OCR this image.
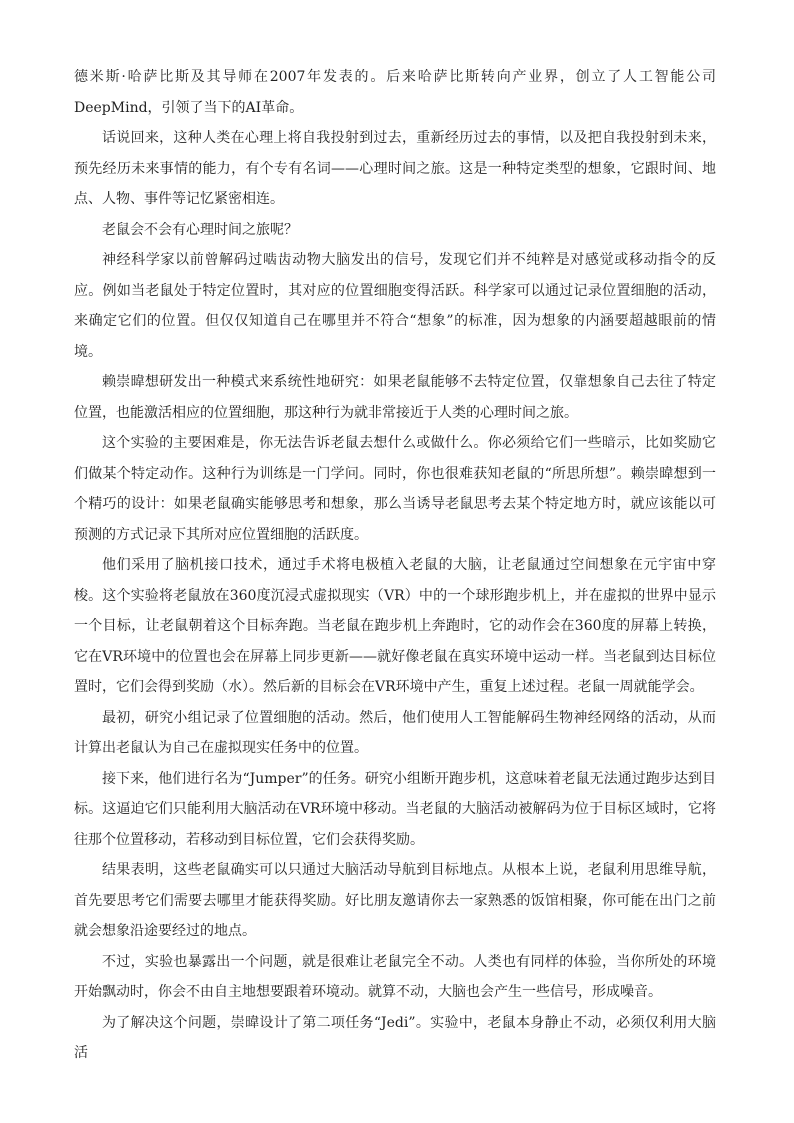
德米斯·哈萨比斯及其导师在2007年发表的。后来哈萨比斯转向产业界，创立了人工智能公司DeepMind，引领了当下的AI革命。

话说回来，这种人类在心理上将自我投射到过去，重新经历过去的事情，以及把自我投射到未来，预先经历未来事情的能力，有个专有名词——心理时间之旅。这是一种特定类型的想象，它跟时间、地点、人物、事件等记忆紧密相连。

老鼠会不会有心理时间之旅呢？

神经科学家以前曾解码过啮齿动物大脑发出的信号，发现它们并不纯粹是对感觉或移动指令的反应。例如当老鼠处于特定位置时，其对应的位置细胞变得活跃。科学家可以通过记录位置细胞的活动，来确定它们的位置。但仅仅知道自己在哪里并不符合“想象”的标准，因为想象的内涵要超越眼前的情境。

赖崇暐想研发出一种模式来系统性地研究：如果老鼠能够不去特定位置，仅靠想象自己去往了特定位置，也能激活相应的位置细胞，那这种行为就非常接近于人类的心理时间之旅。

这个实验的主要困难是，你无法告诉老鼠去想什么或做什么。你必须给它们一些暗示，比如奖励它们做某个特定动作。这种行为训练是一门学问。同时，你也很难获知老鼠的“所思所想”。赖崇暐想到一个精巧的设计：如果老鼠确实能够思考和想象，那么当诱导老鼠思考去某个特定地方时，就应该能以可预测的方式记录下其所对应位置细胞的活跃度。

他们采用了脑机接口技术，通过手术将电极植入老鼠的大脑，让老鼠通过空间想象在元宇宙中穿梭。这个实验将老鼠放在360度沉浸式虚拟现实（VR）中的一个球形跑步机上，并在虚拟的世界中显示一个目标，让老鼠朝着这个目标奔跑。当老鼠在跑步机上奔跑时，它的动作会在360度的屏幕上转换，它在VR环境中的位置也会在屏幕上同步更新——就好像老鼠在真实环境中运动一样。当老鼠到达目标位置时，它们会得到奖励（水）。然后新的目标会在VR环境中产生，重复上述过程。老鼠一周就能学会。

最初，研究小组记录了位置细胞的活动。然后，他们使用人工智能解码生物神经网络的活动，从而计算出老鼠认为自己在虚拟现实任务中的位置。

接下来，他们进行名为“Jumper”的任务。研究小组断开跑步机，这意味着老鼠无法通过跑步达到目标。这逼迫它们只能利用大脑活动在VR环境中移动。当老鼠的大脑活动被解码为位于目标区域时，它将往那个位置移动，若移动到目标位置，它们会获得奖励。

结果表明，这些老鼠确实可以只通过大脑活动导航到目标地点。从根本上说，老鼠利用思维导航，首先要思考它们需要去哪里才能获得奖励。好比朋友邀请你去一家熟悉的饭馆相聚，你可能在出门之前就会想象沿途要经过的地点。

不过，实验也暴露出一个问题，就是很难让老鼠完全不动。人类也有同样的体验，当你所处的环境开始飘动时，你会不由自主地想要跟着环境动。就算不动，大脑也会产生一些信号，形成噪音。

为了解决这个问题，崇暐设计了第二项任务“Jedi”。实验中，老鼠本身静止不动，必须仅利用大脑活
